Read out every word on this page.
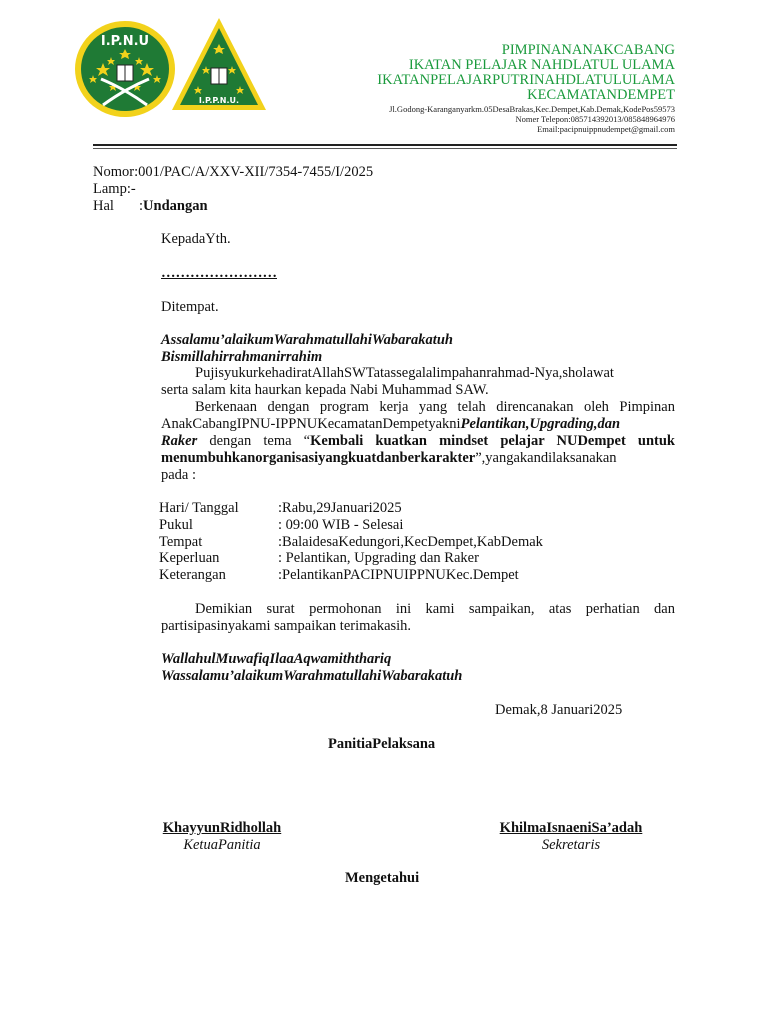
I.P.N.U
I.P.P.N.U.
PIMPINANANAKCABANG
IKATAN PELAJAR NAHDLATUL ULAMA
IKATANPELAJARPUTRINAHDLATULULAMA
KECAMATANDEMPET
Jl.Godong-Karanganyarkm.05DesaBrakas,Kec.Dempet,Kab.Demak,KodePos59573
Nomer Telepon:085714392013/085848964976
Email:pacipnuippnudempet@gmail.com
Nomor:001/PAC/A/XXV-XII/7354-7455/I/2025
Lamp:-
Hal :Undangan
KepadaYth.
……………………
Ditempat.
Assalamu’alaikumWarahmatullahiWabarakatuh
Bismillahirrahmanirrahim
PujisyukurkehadiratAllahSWTatassegalalimpahanrahmad-Nya,sholawat
serta salam kita haurkan kepada Nabi Muhammad SAW.
Berkenaan dengan program kerja yang telah direncanakan oleh Pimpinan
AnakCabangIPNU-IPPNUKecamatanDempetyakniPelantikan,Upgrading,dan
Raker dengan tema “Kembali kuatkan mindset pelajar NUDempet untuk
menumbuhkanorganisasiyangkuatdanberkarakter”,yangakandilaksanakan
pada :
Hari/ Tanggal	:Rabu,29Januari2025
Pukul	: 09:00 WIB - Selesai
Tempat	:BalaidesaKedungori,KecDempet,KabDemak
Keperluan	: Pelantikan, Upgrading dan Raker
Keterangan	:PelantikanPACIPNUIPPNUKec.Dempet
Demikian surat permohonan ini kami sampaikan, atas perhatian dan
partisipasinyakami sampaikan terimakasih.
WallahulMuwafiqIlaaAqwamiththariq
Wassalamu’alaikumWarahmatullahiWabarakatuh
Demak,8 Januari2025
PanitiaPelaksana
KhayyunRidhollah
KetuaPanitia
KhilmaIsnaeniSa’adah
Sekretaris
Mengetahui
